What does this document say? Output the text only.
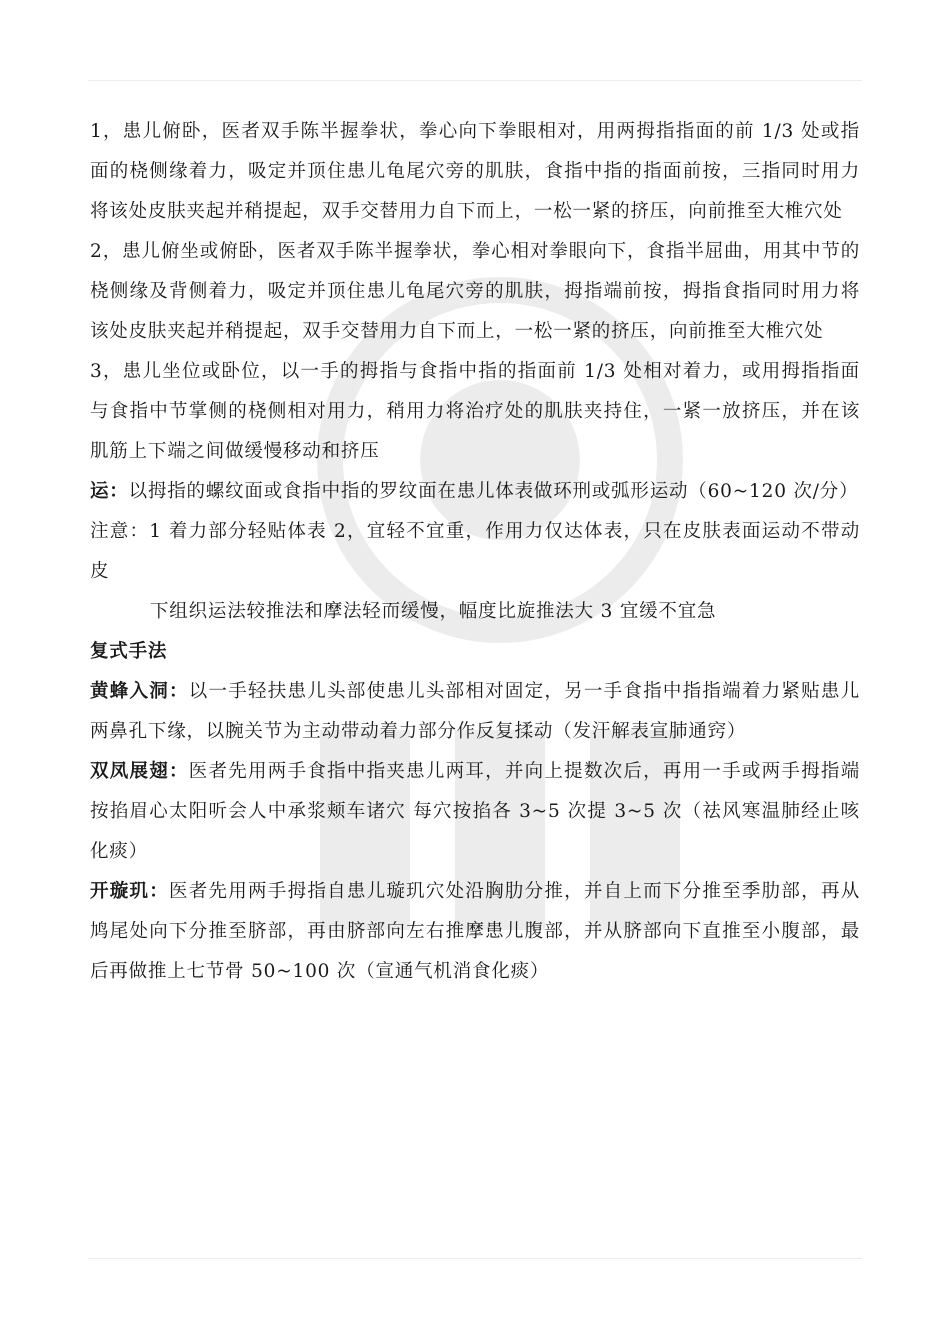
1，患儿俯卧，医者双手陈半握拳状，拳心向下拳眼相对，用两拇指指面的前 1/3 处或指面的桡侧缘着力，吸定并顶住患儿龟尾穴旁的肌肤，食指中指的指面前按，三指同时用力将该处皮肤夹起并稍提起，双手交替用力自下而上，一松一紧的挤压，向前推至大椎穴处

2，患儿俯坐或俯卧，医者双手陈半握拳状，拳心相对拳眼向下，食指半屈曲，用其中节的桡侧缘及背侧着力，吸定并顶住患儿龟尾穴旁的肌肤，拇指端前按，拇指食指同时用力将该处皮肤夹起并稍提起，双手交替用力自下而上，一松一紧的挤压，向前推至大椎穴处

3，患儿坐位或卧位，以一手的拇指与食指中指的指面前 1/3 处相对着力，或用拇指指面与食指中节掌侧的桡侧相对用力，稍用力将治疗处的肌肤夹持住，一紧一放挤压，并在该肌筋上下端之间做缓慢移动和挤压

运：以拇指的螺纹面或食指中指的罗纹面在患儿体表做环刑或弧形运动（60~120 次/分）

注意：1 着力部分轻贴体表 2，宜轻不宜重，作用力仅达体表，只在皮肤表面运动不带动皮

下组织运法较推法和摩法轻而缓慢，幅度比旋推法大 3 宜缓不宜急

复式手法

黄蜂入洞：以一手轻扶患儿头部使患儿头部相对固定，另一手食指中指指端着力紧贴患儿两鼻孔下缘，以腕关节为主动带动着力部分作反复揉动（发汗解表宣肺通窍）

双凤展翅：医者先用两手食指中指夹患儿两耳，并向上提数次后，再用一手或两手拇指端按掐眉心太阳听会人中承浆颊车诸穴 每穴按掐各 3~5 次提 3~5 次（祛风寒温肺经止咳化痰）

开璇玑：医者先用两手拇指自患儿璇玑穴处沿胸肋分推，并自上而下分推至季肋部，再从鸠尾处向下分推至脐部，再由脐部向左右推摩患儿腹部，并从脐部向下直推至小腹部，最后再做推上七节骨 50~100 次（宣通气机消食化痰）
